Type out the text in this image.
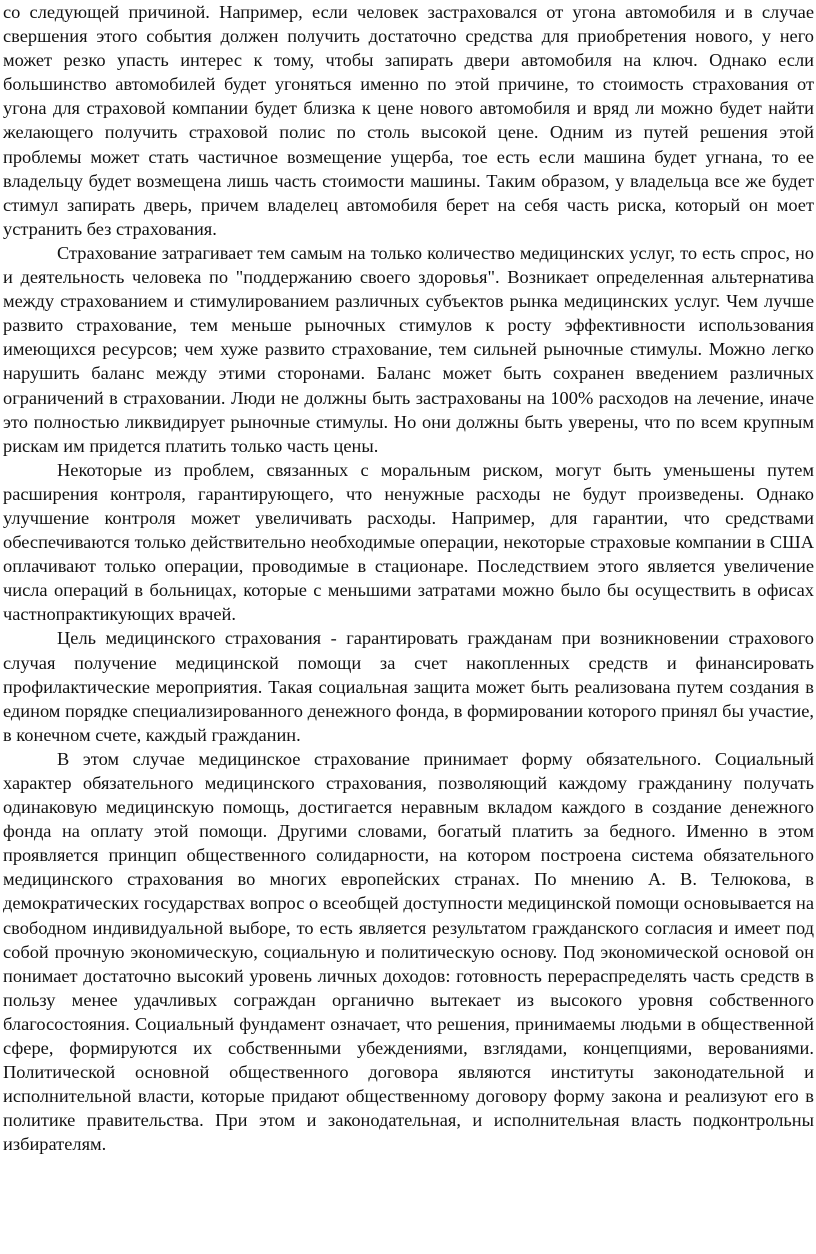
со следующей причиной. Например, если человек застраховался от угона автомобиля и в случае свершения этого события должен получить достаточно средства для приобретения нового, у него может резко упасть интерес к тому, чтобы запирать двери автомобиля на ключ. Однако если большинство автомобилей будет угоняться именно по этой причине, то стоимость страхования от угона для страховой компании будет близка к цене нового автомобиля и вряд ли можно будет найти желающего получить страховой полис по столь высокой цене. Одним из путей решения этой проблемы может стать частичное возмещение ущерба, тое есть если машина будет угнана, то ее владельцу будет возмещена лишь часть стоимости машины. Таким образом, у владельца все же будет стимул запирать дверь, причем владелец автомобиля берет на себя часть риска, который он моет устранить без страхования.

Страхование затрагивает тем самым на только количество медицинских услуг, то есть спрос, но и деятельность человека по "поддержанию своего здоровья". Возникает определенная альтернатива между страхованием и стимулированием различных субъектов рынка медицинских услуг. Чем лучше развито страхование, тем меньше рыночных стимулов к росту эффективности использования имеющихся ресурсов; чем хуже развито страхование, тем сильней рыночные стимулы. Можно легко нарушить баланс между этими сторонами. Баланс может быть сохранен введением различных ограничений в страховании. Люди не должны быть застрахованы на 100% расходов на лечение, иначе это полностью ликвидирует рыночные стимулы. Но они должны быть уверены, что по всем крупным рискам им придется платить только часть цены.

Некоторые из проблем, связанных с моральным риском, могут быть уменьшены путем расширения контроля, гарантирующего, что ненужные расходы не будут произведены. Однако улучшение контроля может увеличивать расходы. Например, для гарантии, что средствами обеспечиваются только действительно необходимые операции, некоторые страховые компании в США оплачивают только операции, проводимые в стационаре. Последствием этого является увеличение числа операций в больницах, которые с меньшими затратами можно было бы осуществить в офисах частнопрактикующих врачей.

Цель медицинского страхования - гарантировать гражданам при возникновении страхового случая получение медицинской помощи за счет накопленных средств и финансировать профилактические мероприятия. Такая социальная защита может быть реализована путем создания в едином порядке специализированного денежного фонда, в формировании которого принял бы участие, в конечном счете, каждый гражданин.

В этом случае медицинское страхование принимает форму обязательного. Социальный характер обязательного медицинского страхования, позволяющий каждому гражданину получать одинаковую медицинскую помощь, достигается неравным вкладом каждого в создание денежного фонда на оплату этой помощи. Другими словами, богатый платить за бедного. Именно в этом проявляется принцип общественного солидарности, на котором построена система обязательного медицинского страхования во многих европейских странах. По мнению А. В. Телюкова, в демократических государствах вопрос о всеобщей доступности медицинской помощи основывается на свободном индивидуальной выборе, то есть является результатом гражданского согласия и имеет под собой прочную экономическую, социальную и политическую основу. Под экономической основой он понимает достаточно высокий уровень личных доходов: готовность перераспределять часть средств в пользу менее удачливых сограждан органично вытекает из высокого уровня собственного благосостояния. Социальный фундамент означает, что решения, принимаемы людьми в общественной сфере, формируются их собственными убеждениями, взглядами, концепциями, верованиями. Политической основной общественного договора являются институты законодательной и исполнительной власти, которые придают общественному договору форму закона и реализуют его в политике правительства. При этом и законодательная, и исполнительная власть подконтрольны избирателям.
